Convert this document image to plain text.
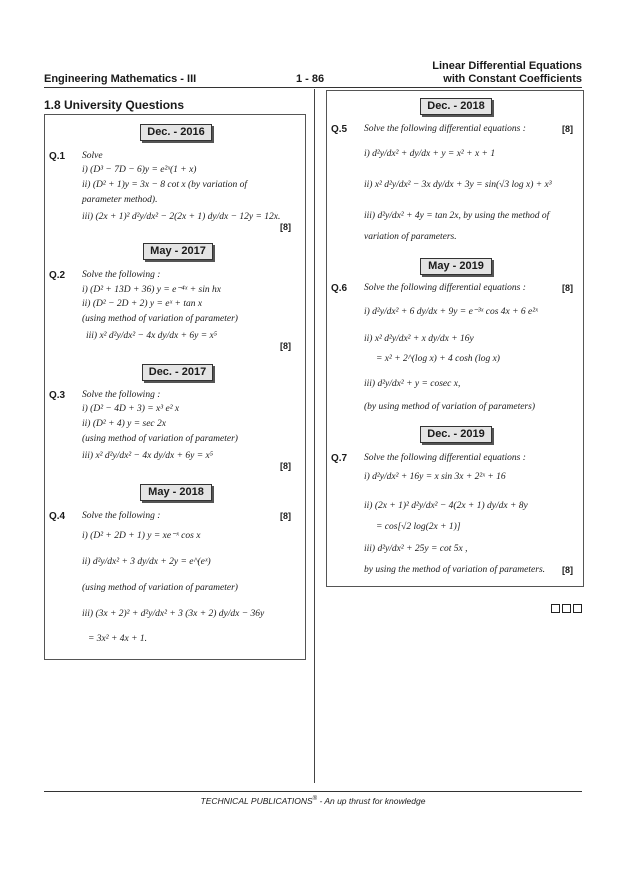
Linear Differential Equations
with Constant Coefficients
Engineering Mathematics - III	1 - 86
1.8 University Questions
Dec. - 2016
Q.1 Solve
i) (D³ − 7D − 6)y = e²ˣ(1 + x)
ii) (D² + 1)y = 3x − 8 cot x (by variation of
parameter method).
iii) (2x + 1)² d²y/dx² − 2(2x + 1) dy/dx − 12y = 12x.
[8]
May - 2017
Q.2 Solve the following :
i) (D² + 13D + 36) y = e⁻⁴ˣ + sin hx
ii) (D² − 2D + 2) y = eˣ + tan x
(using method of variation of parameter)
iii) x² d²y/dx² − 4x dy/dx + 6y = x⁵
[8]
Dec. - 2017
Q.3 Solve the following :
i) (D² − 4D + 3) = x³ e² x
ii) (D² + 4) y = sec 2x
(using method of variation of parameter)
iii) x² d²y/dx² − 4x dy/dx + 6y = x⁵
[8]
May - 2018
Q.4 Solve the following :	[8]
i) (D² + 2D + 1) y = xe⁻ˣ cos x
ii) d²y/dx² + 3 dy/dx + 2y = e^(eˣ)
(using method of variation of parameter)
iii) (3x + 2)² + d²y/dx² + 3 (3x + 2) dy/dx − 36y
= 3x² + 4x + 1.
Dec. - 2018
Q.5 Solve the following differential equations :	[8]
i) d²y/dx² + dy/dx + y = x² + x + 1
ii) x² d²y/dx² − 3x dy/dx + 3y = sin(√3 log x) + x³
iii) d²y/dx² + 4y = tan 2x, by using the method of
variation of parameters.
May - 2019
Q.6 Solve the following differential equations :	[8]
i) d²y/dx² + 6 dy/dx + 9y = e⁻³ˣ cos 4x + 6 e²ˣ
ii) x² d²y/dx² + x dy/dx + 16y
= x² + 2^(log x) + 4 cosh (log x)
iii) d²y/dx² + y = cosec x,
(by using method of variation of parameters)
Dec. - 2019
Q.7 Solve the following differential equations :
i) d²y/dx² + 16y = x sin 3x + 2²ˣ + 16
ii) (2x + 1)² d²y/dx² − 4(2x + 1) dy/dx + 8y
= cos[√2 log(2x + 1)]
iii) d²y/dx² + 25y = cot 5x ,
by using the method of variation of parameters. [8]
TECHNICAL PUBLICATIONS® - An up thrust for knowledge
